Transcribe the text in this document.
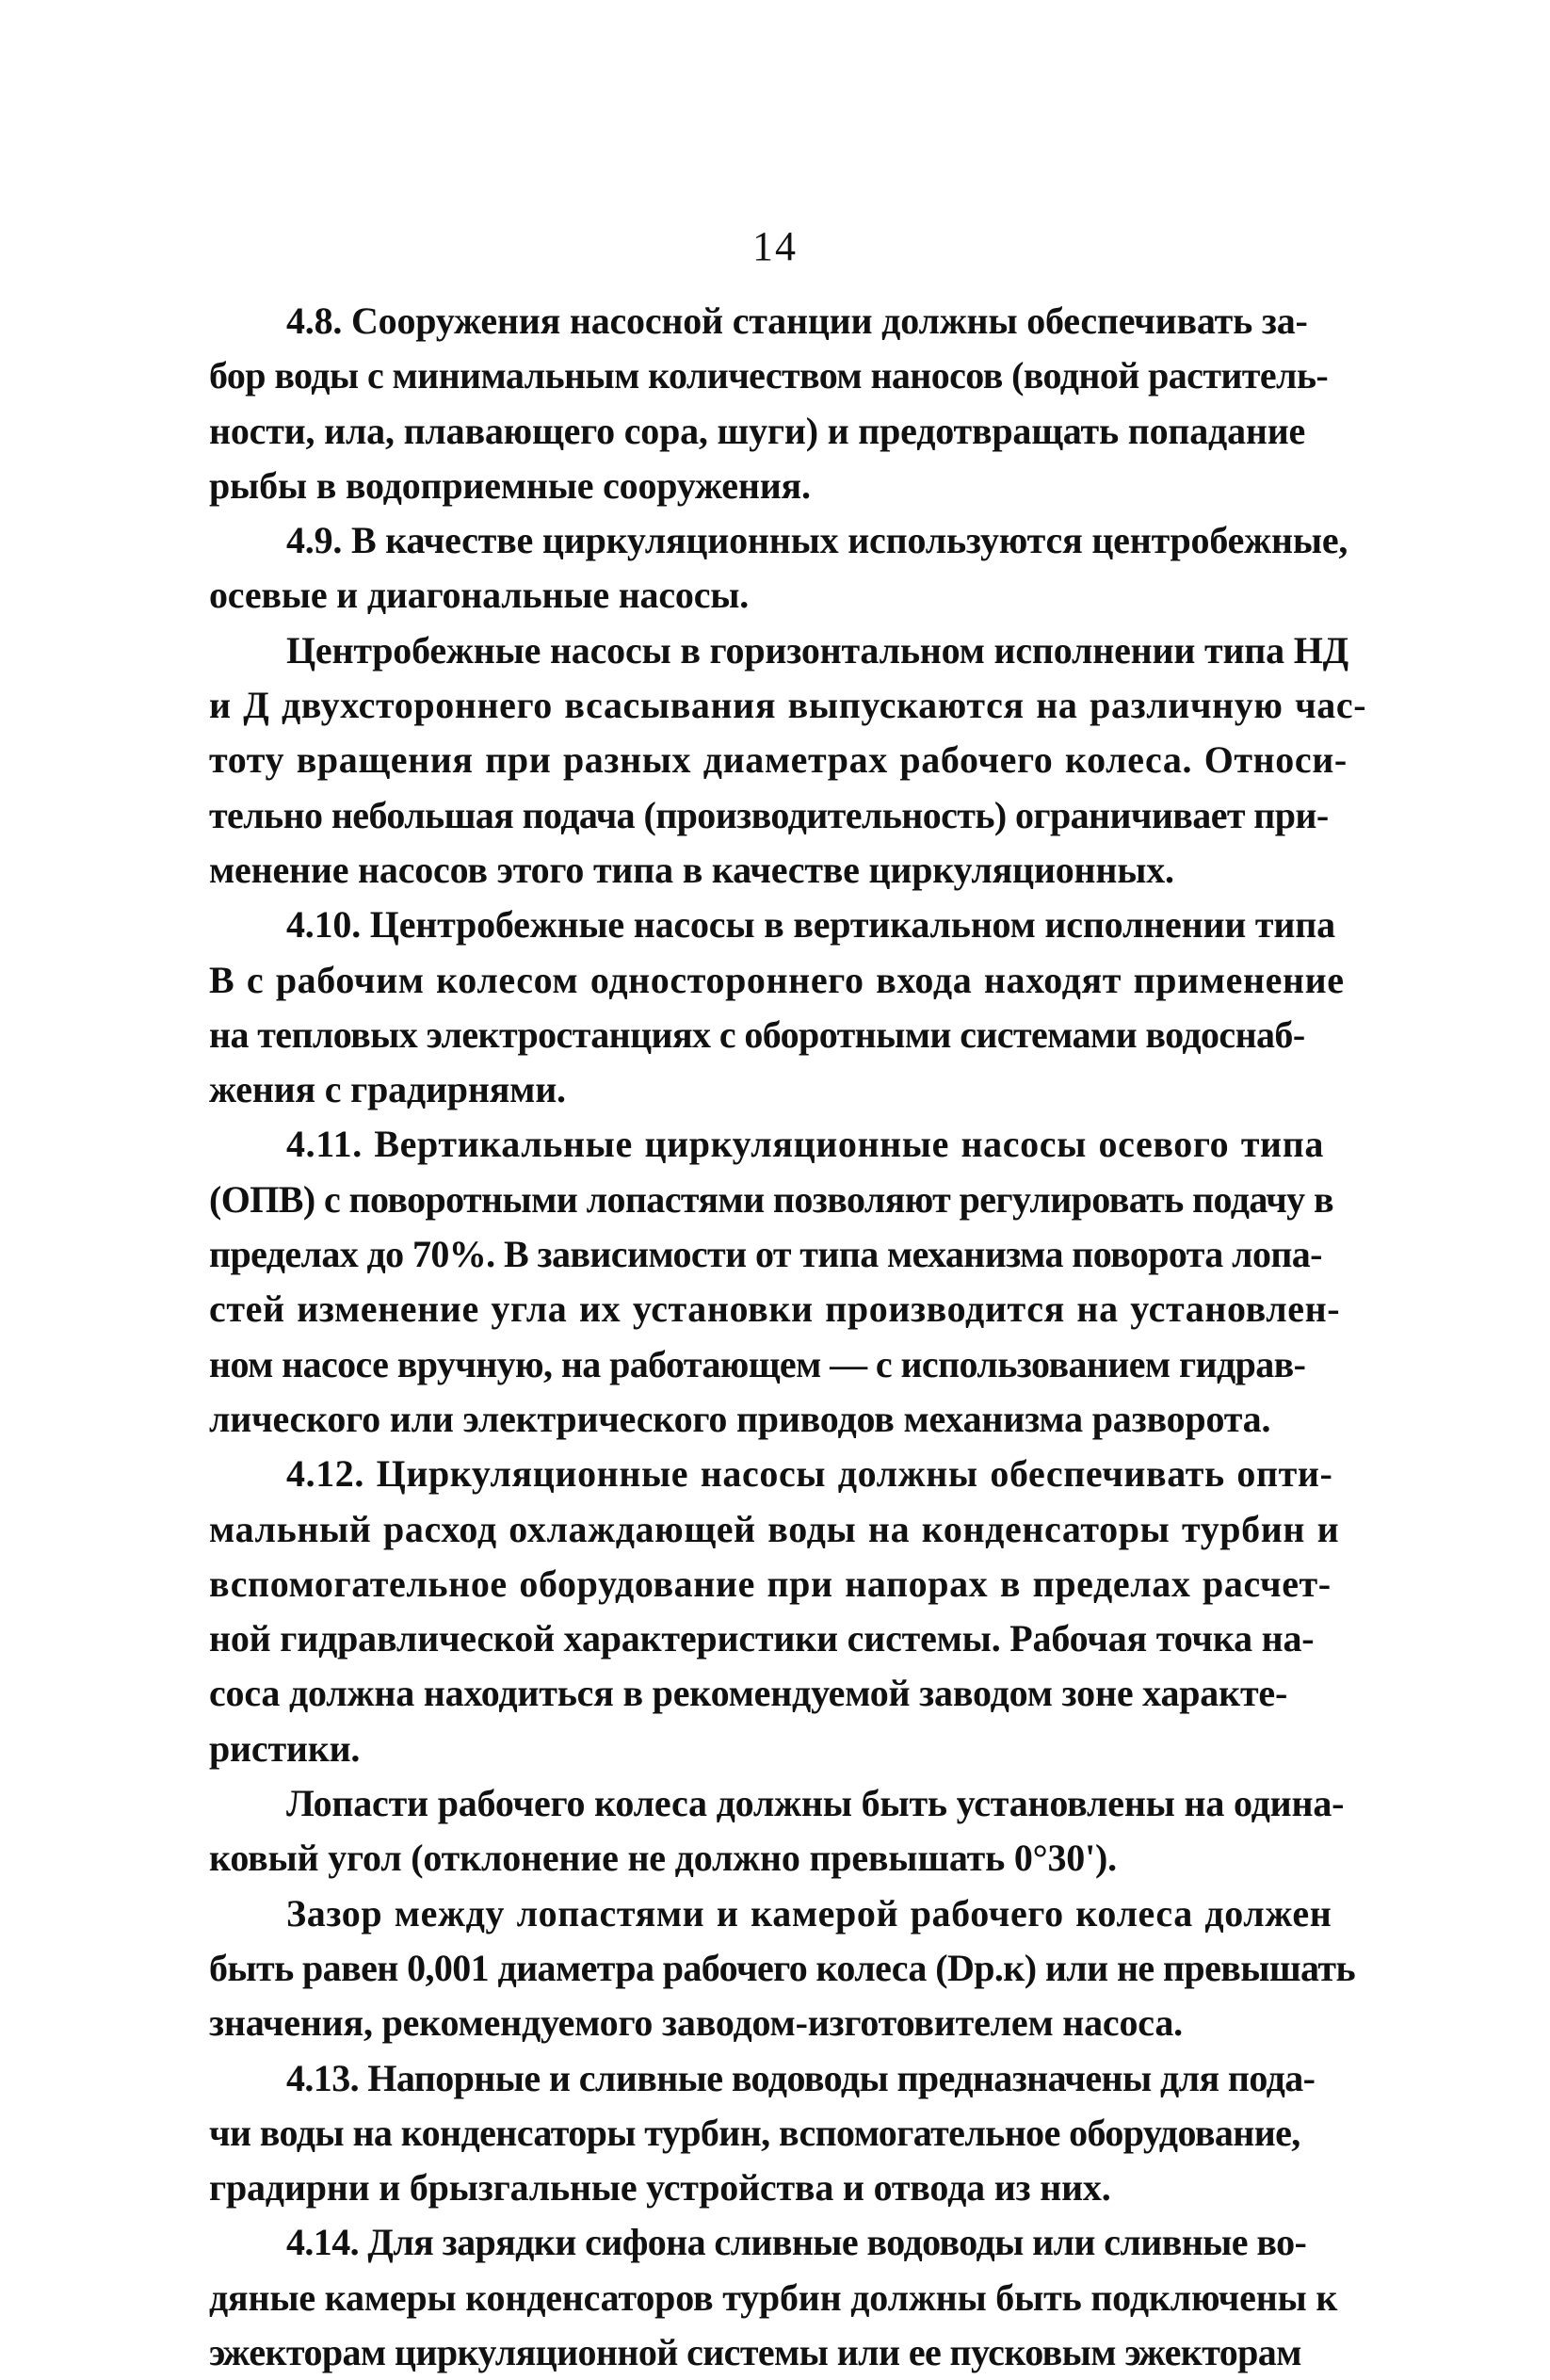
14
4.8. Сооружения насосной станции должны обеспечивать за-
бор воды с минимальным количеством наносов (водной раститель-
ности, ила, плавающего сора, шуги) и предотвращать попадание
рыбы в водоприемные сооружения.
4.9. В качестве циркуляционных используются центробежные,
осевые и диагональные насосы.
Центробежные насосы в горизонтальном исполнении типа НД
и Д двухстороннего всасывания выпускаются на различную час-
тоту вращения при разных диаметрах рабочего колеса. Относи-
тельно небольшая подача (производительность) ограничивает при-
менение насосов этого типа в качестве циркуляционных.
4.10. Центробежные насосы в вертикальном исполнении типа
В с рабочим колесом одностороннего входа находят применение
на тепловых электростанциях с оборотными системами водоснаб-
жения с градирнями.
4.11. Вертикальные циркуляционные насосы осевого типа
(ОПВ) с поворотными лопастями позволяют регулировать подачу в
пределах до 70%. В зависимости от типа механизма поворота лопа-
стей изменение угла их установки производится на установлен-
ном насосе вручную, на работающем — с использованием гидрав-
лического или электрического приводов механизма разворота.
4.12. Циркуляционные насосы должны обеспечивать опти-
мальный расход охлаждающей воды на конденсаторы турбин и
вспомогательное оборудование при напорах в пределах расчет-
ной гидравлической характеристики системы. Рабочая точка на-
соса должна находиться в рекомендуемой заводом зоне характе-
ристики.
Лопасти рабочего колеса должны быть установлены на одина-
ковый угол (отклонение не должно превышать 0°30').
Зазор между лопастями и камерой рабочего колеса должен
быть равен 0,001 диаметра рабочего колеса (Dр.к) или не превышать
значения, рекомендуемого заводом-изготовителем насоса.
4.13. Напорные и сливные водоводы предназначены для пода-
чи воды на конденсаторы турбин, вспомогательное оборудование,
градирни и брызгальные устройства и отвода из них.
4.14. Для зарядки сифона сливные водоводы или сливные во-
дяные камеры конденсаторов турбин должны быть подключены к
эжекторам циркуляционной системы или ее пусковым эжекторам
